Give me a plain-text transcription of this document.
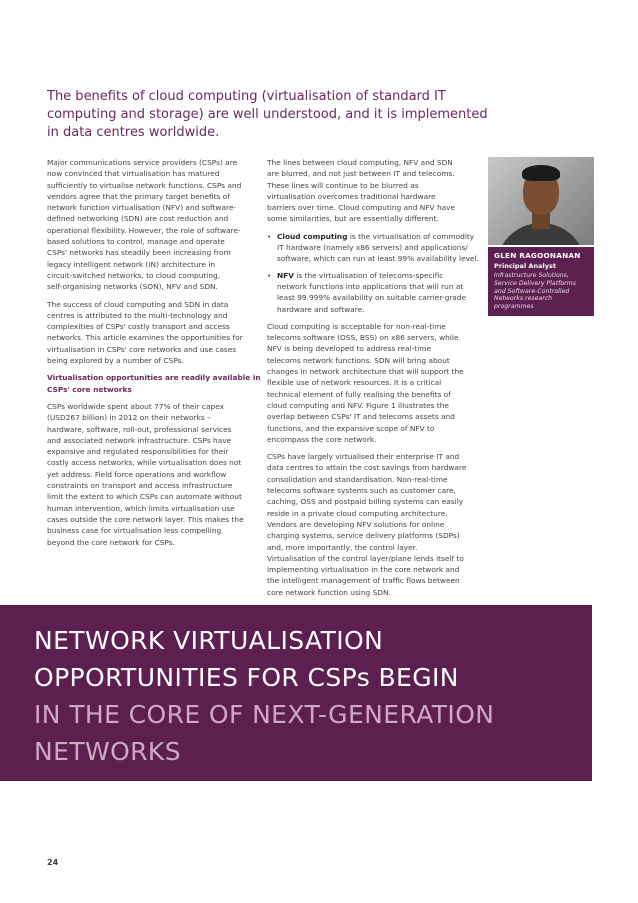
The benefits of cloud computing (virtualisation of standard IT
computing and storage) are well understood, and it is implemented
in data centres worldwide.

Major communications service providers (CSPs) are
now convinced that virtualisation has matured
sufficiently to virtualise network functions. CSPs and
vendors agree that the primary target benefits of
network function virtualisation (NFV) and software-
defined networking (SDN) are cost reduction and
operational flexibility. However, the role of software-
based solutions to control, manage and operate
CSPs' networks has steadily been increasing from
legacy intelligent network (IN) architecture in
circuit-switched networks, to cloud computing,
self-organising networks (SON), NFV and SDN.

The success of cloud computing and SDN in data
centres is attributed to the multi-technology and
complexities of CSPs' costly transport and access
networks. This article examines the opportunities for
virtualisation in CSPs' core networks and use cases
being explored by a number of CSPs.

Virtualisation opportunities are readily available in
CSPs' core networks

CSPs worldwide spent about 77% of their capex
(USD267 billion) in 2012 on their networks –
hardware, software, roll-out, professional services
and associated network infrastructure. CSPs have
expansive and regulated responsibilities for their
costly access networks, while virtualisation does not
yet address. Field force operations and workflow
constraints on transport and access infrastructure
limit the extent to which CSPs can automate without
human intervention, which limits virtualisation use
cases outside the core network layer. This makes the
business case for virtualisation less compelling
beyond the core network for CSPs.

The lines between cloud computing, NFV and SDN
are blurred, and not just between IT and telecoms.
These lines will continue to be blurred as
virtualisation overcomes traditional hardware
barriers over time. Cloud computing and NFV have
some similarities, but are essentially different.

• Cloud computing is the virtualisation of commodity
IT hardware (namely x86 servers) and applications/
software, which can run at least 99% availability level.
• NFV is the virtualisation of telecoms-specific
network functions into applications that will run at
least 99.999% availability on suitable carrier-grade
hardware and software.

Cloud computing is acceptable for non-real-time
telecoms software (OSS, BSS) on x86 servers, while
NFV is being developed to address real-time
telecoms network functions. SDN will bring about
changes in network architecture that will support the
flexible use of network resources. It is a critical
technical element of fully realising the benefits of
cloud computing and NFV. Figure 1 illustrates the
overlap between CSPs' IT and telecoms assets and
functions, and the expansive scope of NFV to
encompass the core network.

CSPs have largely virtualised their enterprise IT and
data centres to attain the cost savings from hardware
consolidation and standardisation. Non-real-time
telecoms software systems such as customer care,
caching, OSS and postpaid billing systems can easily
reside in a private cloud computing architecture.
Vendors are developing NFV solutions for online
charging systems, service delivery platforms (SDPs)
and, more importantly, the control layer.
Virtualisation of the control layer/plane lends itself to
implementing virtualisation in the core network and
the intelligent management of traffic flows between
core network function using SDN.

GLEN RAGOONANAN
Principal Analyst
Infrastructure Solutions,
Service Delivery Platforms
and Software-Controlled
Networks research
programmes
NETWORK VIRTUALISATION
OPPORTUNITIES FOR CSPs BEGIN
IN THE CORE OF NEXT-GENERATION
NETWORKS
24
